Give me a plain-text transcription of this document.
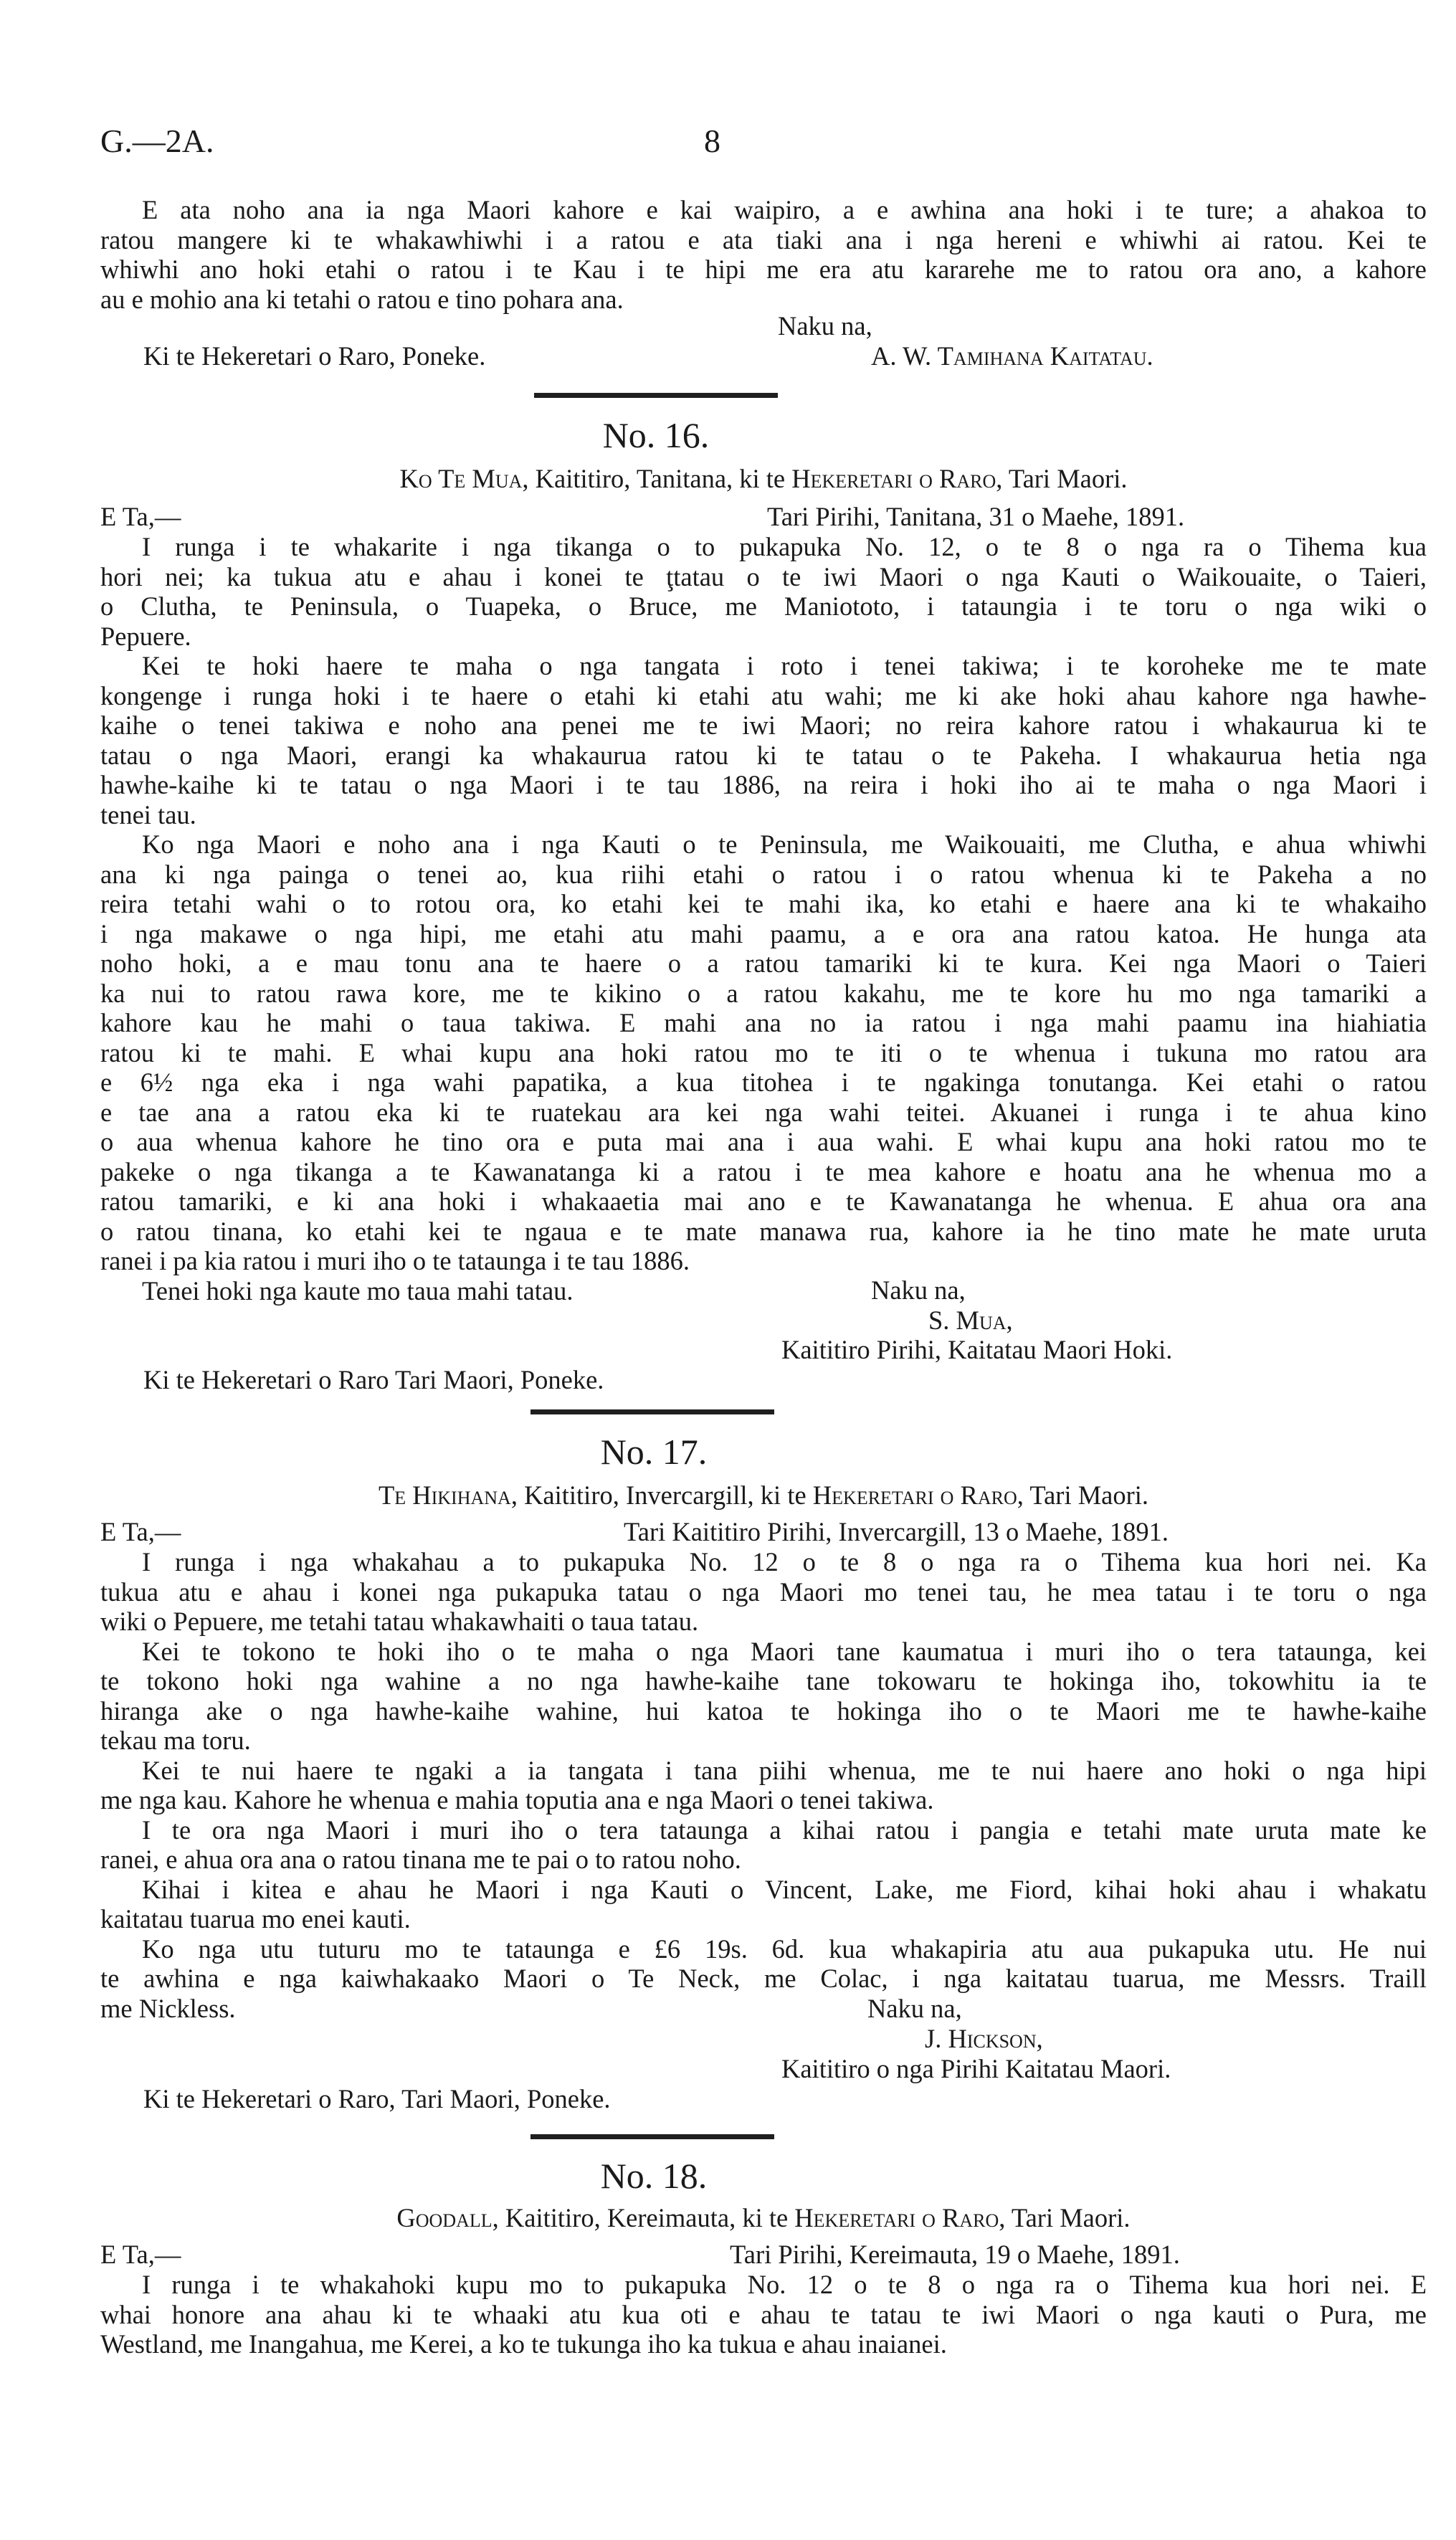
G.—2A.	8

E ata noho ana ia nga Maori kahore e kai waipiro, a e awhina ana hoki i te ture; a ahakoa to

ratou mangere ki te whakawhiwhi i a ratou e ata tiaki ana i nga hereni e whiwhi ai ratou. Kei te
whiwhi ano hoki etahi o ratou i te Kau i te hipi me era atu kararehe me to ratou ora ano, a kahore
au e mohio ana ki tetahi o ratou e tino pohara ana.

Naku na,
Ki te Hekeretari o Raro, Poneke.	A. W. Tamihana Kaitatau.
No. 16.
Ko Te Mua, Kaititiro, Tanitana, ki te Hekeretari o Raro, Tari Maori.
E Ta,—	Tari Pirihi, Tanitana, 31 o Maehe, 1891.

I runga i te whakarite i nga tikanga o to pukapuka No. 12, o te 8 o nga ra o Tihema kua
hori nei; ka tukua atu e ahau i konei te ţtatau o te iwi Maori o nga Kauti o Waikouaite, o Taieri,
o Clutha, te Peninsula, o Tuapeka, o Bruce, me Maniototo, i tataungia i te toru o nga wiki o
Pepuere.
Kei te hoki haere te maha o nga tangata i roto i tenei takiwa; i te koroheke me te mate
kongenge i runga hoki i te haere o etahi ki etahi atu wahi; me ki ake hoki ahau kahore nga hawhe-
kaihe o tenei takiwa e noho ana penei me te iwi Maori; no reira kahore ratou i whakaurua ki te
tatau o nga Maori, erangi ka whakaurua ratou ki te tatau o te Pakeha. I whakaurua hetia nga
hawhe-kaihe ki te tatau o nga Maori i te tau 1886, na reira i hoki iho ai te maha o nga Maori i
tenei tau.
Ko nga Maori e noho ana i nga Kauti o te Peninsula, me Waikouaiti, me Clutha, e ahua whiwhi
ana ki nga painga o tenei ao, kua riihi etahi o ratou i o ratou whenua ki te Pakeha a no
reira tetahi wahi o to rotou ora, ko etahi kei te mahi ika, ko etahi e haere ana ki te whakaiho
i nga makawe o nga hipi, me etahi atu mahi paamu, a e ora ana ratou katoa. He hunga ata
noho hoki, a e mau tonu ana te haere o a ratou tamariki ki te kura. Kei nga Maori o Taieri
ka nui to ratou rawa kore, me te kikino o a ratou kakahu, me te kore hu mo nga tamariki a
kahore kau he mahi o taua takiwa. E mahi ana no ia ratou i nga mahi paamu ina hiahiatia
ratou ki te mahi. E whai kupu ana hoki ratou mo te iti o te whenua i tukuna mo ratou ara
e 6½ nga eka i nga wahi papatika, a kua titohea i te ngakinga tonutanga. Kei etahi o ratou
e tae ana a ratou eka ki te ruatekau ara kei nga wahi teitei. Akuanei i runga i te ahua kino
o aua whenua kahore he tino ora e puta mai ana i aua wahi. E whai kupu ana hoki ratou mo te
pakeke o nga tikanga a te Kawanatanga ki a ratou i te mea kahore e hoatu ana he whenua mo a
ratou tamariki, e ki ana hoki i whakaaetia mai ano e te Kawanatanga he whenua. E ahua ora ana
o ratou tinana, ko etahi kei te ngaua e te mate manawa rua, kahore ia he tino mate he mate uruta
ranei i pa kia ratou i muri iho o te tataunga i te tau 1886.
Tenei hoki nga kaute mo taua mahi tatau.	Naku na,
S. Mua,
Kaititiro Pirihi, Kaitatau Maori Hoki.
Ki te Hekeretari o Raro Tari Maori, Poneke.
No. 17.
Te Hikihana, Kaititiro, Invercargill, ki te Hekeretari o Raro, Tari Maori.
E Ta,—	Tari Kaititiro Pirihi, Invercargill, 13 o Maehe, 1891.

I runga i nga whakahau a to pukapuka No. 12 o te 8 o nga ra o Tihema kua hori nei. Ka
tukua atu e ahau i konei nga pukapuka tatau o nga Maori mo tenei tau, he mea tatau i te toru o nga
wiki o Pepuere, me tetahi tatau whakawhaiti o taua tatau.
Kei te tokono te hoki iho o te maha o nga Maori tane kaumatua i muri iho o tera tataunga, kei
te tokono hoki nga wahine a no nga hawhe-kaihe tane tokowaru te hokinga iho, tokowhitu ia te
hiranga ake o nga hawhe-kaihe wahine, hui katoa te hokinga iho o te Maori me te hawhe-kaihe
tekau ma toru.
Kei te nui haere te ngaki a ia tangata i tana piihi whenua, me te nui haere ano hoki o nga hipi
me nga kau. Kahore he whenua e mahia toputia ana e nga Maori o tenei takiwa.
I te ora nga Maori i muri iho o tera tataunga a kihai ratou i pangia e tetahi mate uruta mate ke
ranei, e ahua ora ana o ratou tinana me te pai o to ratou noho.
Kihai i kitea e ahau he Maori i nga Kauti o Vincent, Lake, me Fiord, kihai hoki ahau i whakatu
kaitatau tuarua mo enei kauti.
Ko nga utu tuturu mo te tataunga e £6 19s. 6d. kua whakapiria atu aua pukapuka utu. He nui
te awhina e nga kaiwhakaako Maori o Te Neck, me Colac, i nga kaitatau tuarua, me Messrs. Traill
me Nickless.	Naku na,
J. Hickson,
Kaititiro o nga Pirihi Kaitatau Maori.
Ki te Hekeretari o Raro, Tari Maori, Poneke.
No. 18.
Goodall, Kaititiro, Kereimauta, ki te Hekeretari o Raro, Tari Maori.
E Ta,—	Tari Pirihi, Kereimauta, 19 o Maehe, 1891.

I runga i te whakahoki kupu mo to pukapuka No. 12 o te 8 o nga ra o Tihema kua hori nei. E
whai honore ana ahau ki te whaaki atu kua oti e ahau te tatau te iwi Maori o nga kauti o Pura, me
Westland, me Inangahua, me Kerei, a ko te tukunga iho ka tukua e ahau inaianei.
